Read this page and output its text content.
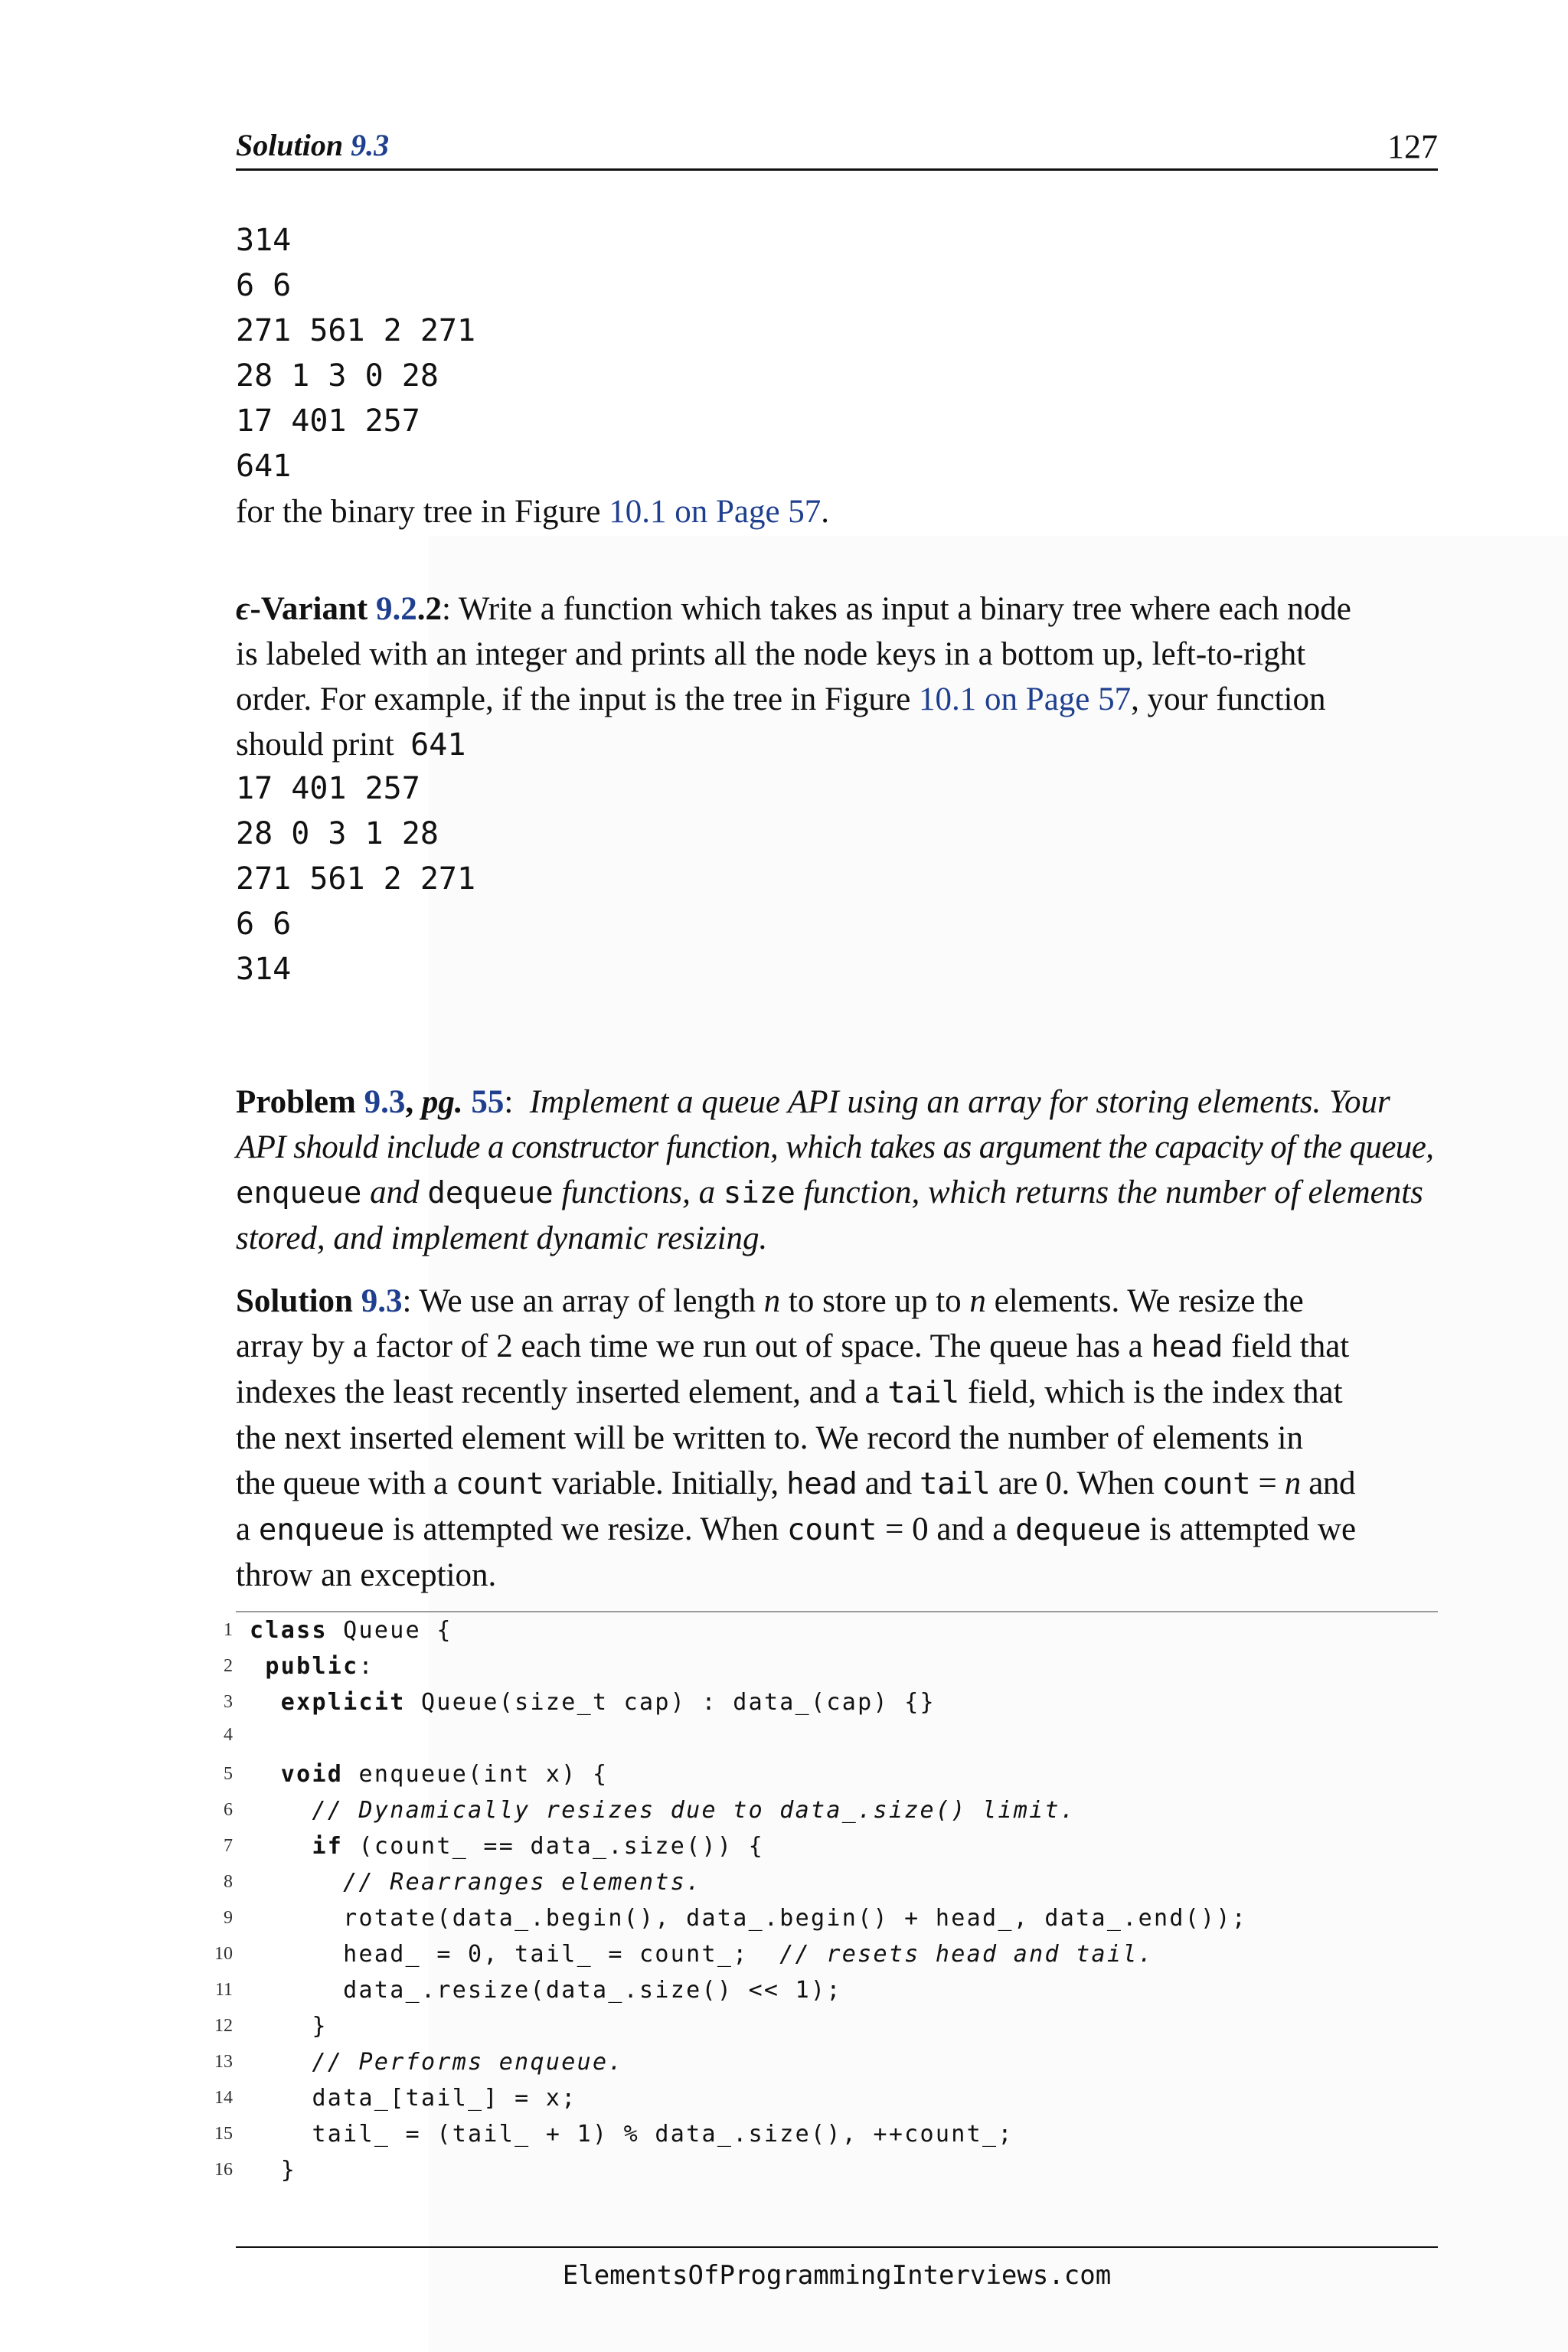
Solution 9.3	127
314
6 6
271 561 2 271
28 1 3 0 28
17 401 257
641
for the binary tree in Figure 10.1 on Page 57.
ϵ-Variant 9.2.2: Write a function which takes as input a binary tree where each node
is labeled with an integer and prints all the node keys in a bottom up, left-to-right
order. For example, if the input is the tree in Figure 10.1 on Page 57, your function
should print 641
17 401 257
28 0 3 1 28
271 561 2 271
6 6
314
Problem 9.3, pg. 55: Implement a queue API using an array for storing elements. Your
API should include a constructor function, which takes as argument the capacity of the queue,
enqueue and dequeue functions, a size function, which returns the number of elements
stored, and implement dynamic resizing.
Solution 9.3: We use an array of length n to store up to n elements. We resize the
array by a factor of 2 each time we run out of space. The queue has a head field that
indexes the least recently inserted element, and a tail field, which is the index that
the next inserted element will be written to. We record the number of elements in
the queue with a count variable. Initially, head and tail are 0. When count = n and
a enqueue is attempted we resize. When count = 0 and a dequeue is attempted we
throw an exception.
1 class Queue {
2 public:
3  explicit Queue(size_t cap) : data_(cap) {}
4
5  void enqueue(int x) {
6	// Dynamically resizes due to data_.size() limit.
7    if (count_ == data_.size()) {
8	// Rearranges elements.
9      rotate(data_.begin(), data_.begin() + head_, data_.end());
10      head_ = 0, tail_ = count_;  // resets head and tail.
11      data_.resize(data_.size() << 1);
12    }
13	// Performs enqueue.
14    data_[tail_] = x;
15    tail_ = (tail_ + 1) % data_.size(), ++count_;
16  }
ElementsOfProgrammingInterviews.com
